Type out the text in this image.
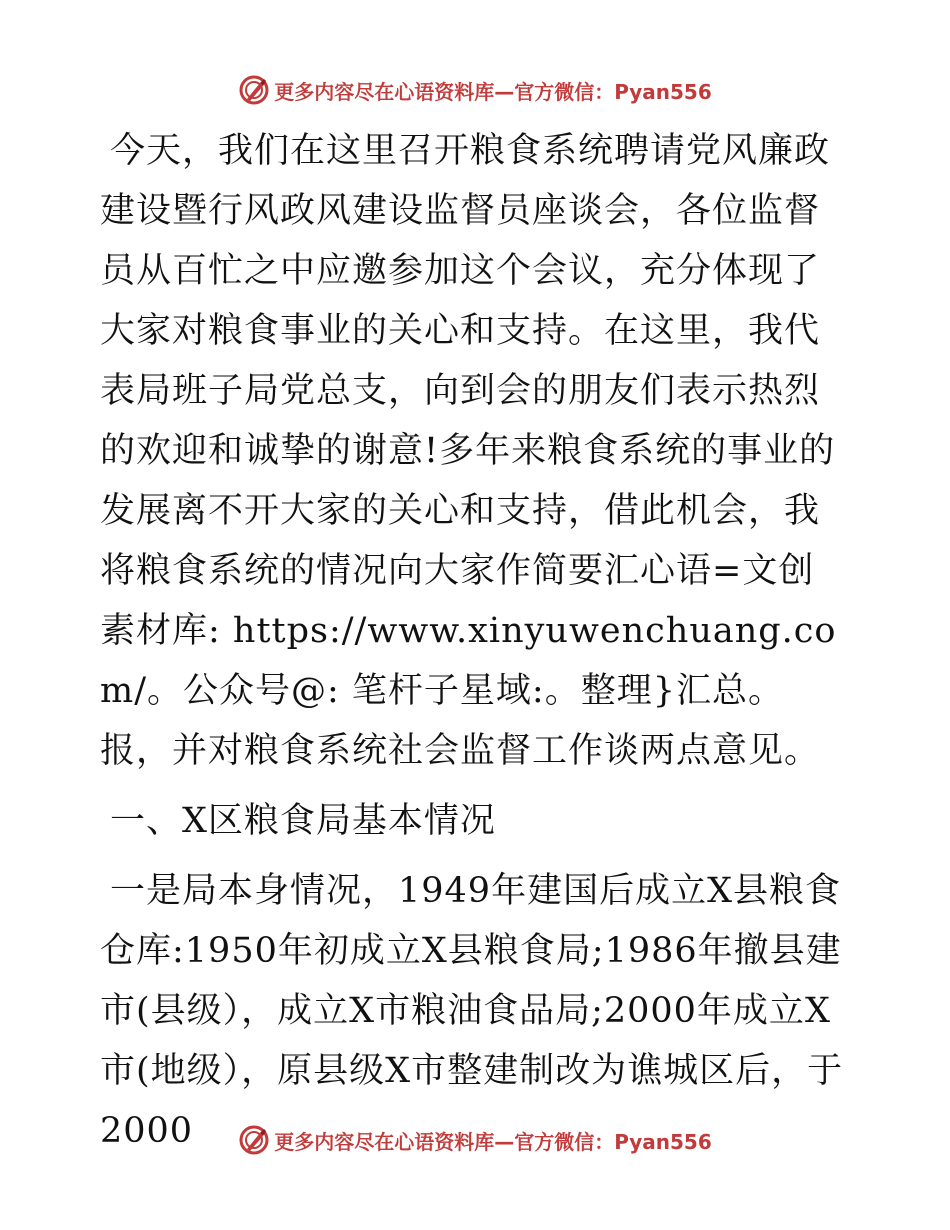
更多内容尽在心语资料库—官方微信：Pyan556

今天，我们在这里召开粮食系统聘请党风廉政建设暨行风政风建设监督员座谈会，各位监督员从百忙之中应邀参加这个会议，充分体现了大家对粮食事业的关心和支持。在这里，我代表局班子局党总支，向到会的朋友们表示热烈的欢迎和诚挚的谢意!多年来粮食系统的事业的发展离不开大家的关心和支持，借此机会，我将粮食系统的情况向大家作简要汇心语=文创素材库: https://www.xinyuwenchuang.com/。公众号@: 笔杆子星域:。整理}汇总。报，并对粮食系统社会监督工作谈两点意见。

一、X区粮食局基本情况

一是局本身情况，1949年建国后成立X县粮食仓库:1950年初成立X县粮食局;1986年撤县建市(县级），成立X市粮油食品局;2000年成立X市(地级），原县级X市整建制改为谯城区后，于2000	更多内容尽在心语资料库—官方微信：Pyan556
